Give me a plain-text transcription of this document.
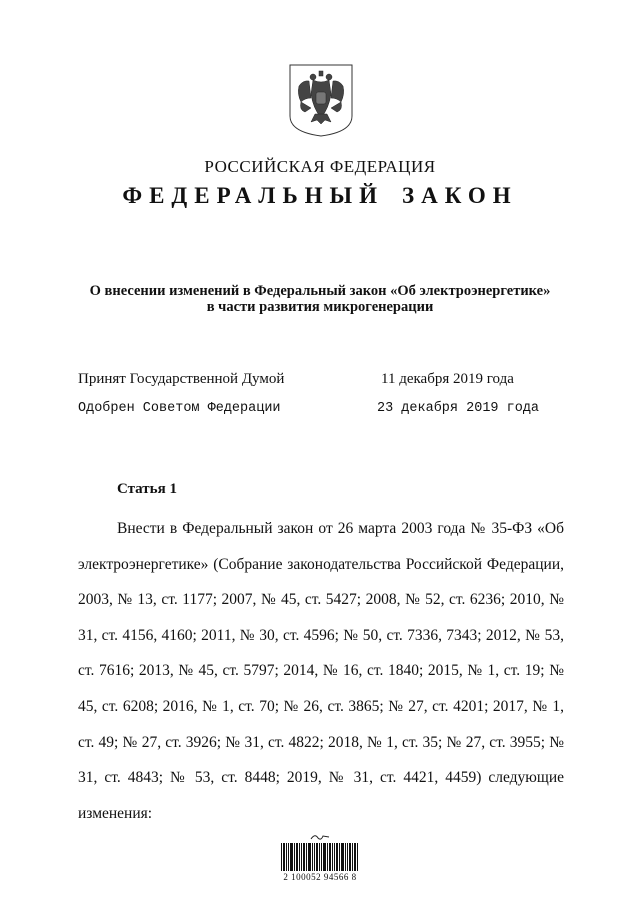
РОССИЙСКАЯ ФЕДЕРАЦИЯ
ФЕДЕРАЛЬНЫЙ ЗАКОН
О внесении изменений в Федеральный закон «Об электроэнергетике»
в части развития микрогенерации
Принят Государственной Думой	11 декабря 2019 года
Одобрен Советом Федерации	23 декабря 2019 года
Статья 1

Внести в Федеральный закон от 26 марта 2003 года № 35-ФЗ «Об электроэнергетике» (Собрание законодательства Российской Федерации, 2003, № 13, ст. 1177; 2007, № 45, ст. 5427; 2008, № 52, ст. 6236; 2010, № 31, ст. 4156, 4160; 2011, № 30, ст. 4596; № 50, ст. 7336, 7343; 2012, № 53, ст. 7616; 2013, № 45, ст. 5797; 2014, № 16, ст. 1840; 2015, № 1, ст. 19; № 45, ст. 6208; 2016, № 1, ст. 70; № 26, ст. 3865; № 27, ст. 4201; 2017, № 1, ст. 49; № 27, ст. 3926; № 31, ст. 4822; 2018, № 1, ст. 35; № 27, ст. 3955; № 31, ст. 4843; № 53, ст. 8448; 2019, № 31, ст. 4421, 4459) следующие изменения:

2 100052 94566 8
